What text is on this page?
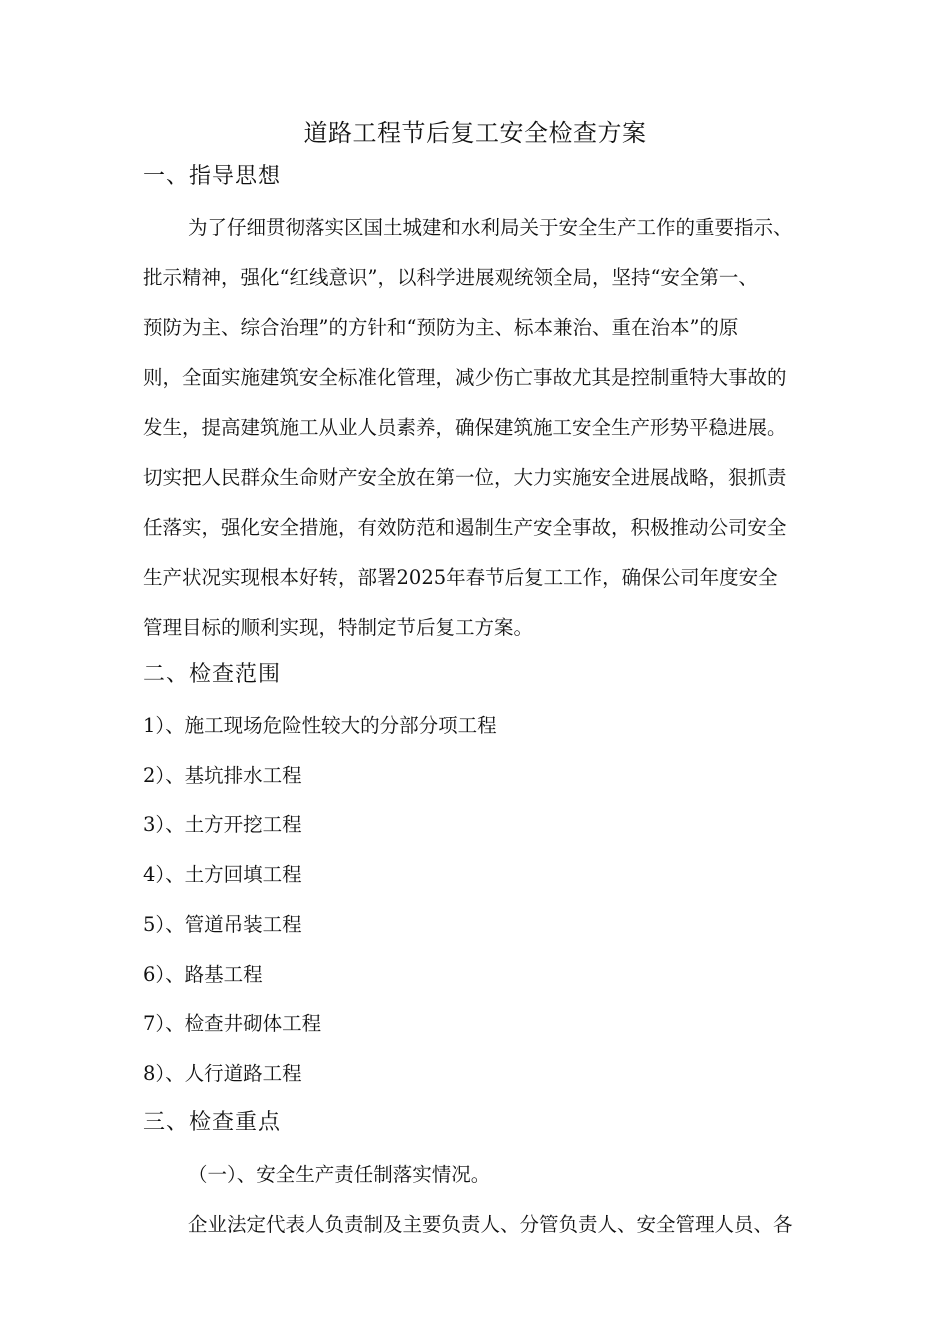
道路工程节后复工安全检查方案
一、指导思想
为了仔细贯彻落实区国土城建和水利局关于安全生产工作的重要指示、
批示精神，强化“红线意识”，以科学进展观统领全局，坚持“安全第一、
预防为主、综合治理”的方针和“预防为主、标本兼治、重在治本”的原
则，全面实施建筑安全标准化管理，减少伤亡事故尤其是控制重特大事故的
发生，提高建筑施工从业人员素养，确保建筑施工安全生产形势平稳进展。
切实把人民群众生命财产安全放在第一位，大力实施安全进展战略，狠抓责
任落实，强化安全措施，有效防范和遏制生产安全事故，积极推动公司安全
生产状况实现根本好转，部署2025年春节后复工工作，确保公司年度安全
管理目标的顺利实现，特制定节后复工方案。
二、检查范围
1）、施工现场危险性较大的分部分项工程
2）、基坑排水工程
3）、土方开挖工程
4）、土方回填工程
5）、管道吊装工程
6）、路基工程
7）、检查井砌体工程
8）、人行道路工程
三、检查重点
（一）、安全生产责任制落实情况。
企业法定代表人负责制及主要负责人、分管负责人、安全管理人员、各
